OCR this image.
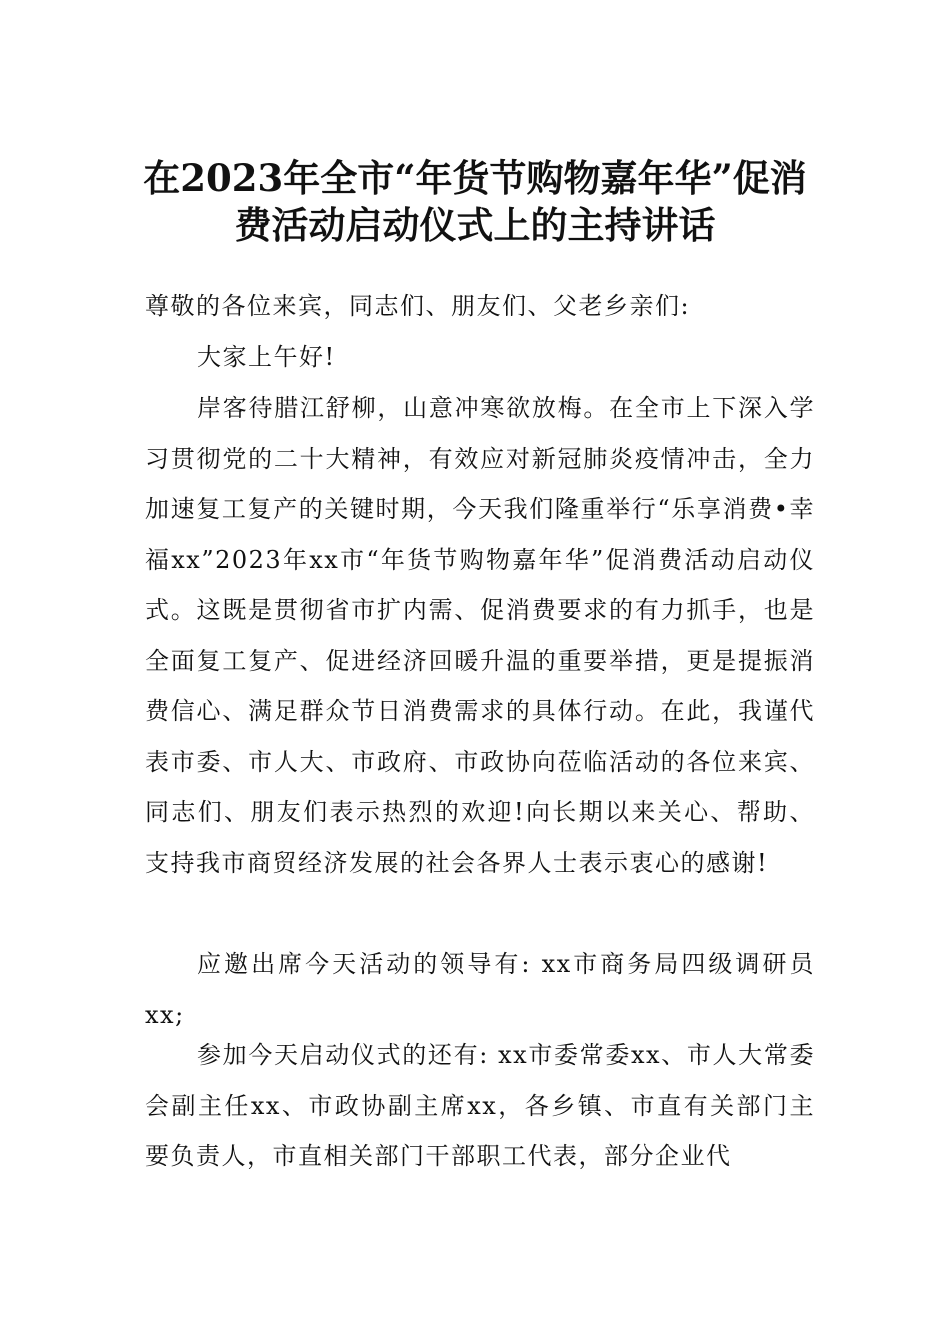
在2023年全市“年货节购物嘉年华”促消
费活动启动仪式上的主持讲话

尊敬的各位来宾，同志们、朋友们、父老乡亲们:

大家上午好!

岸客待腊江舒柳，山意冲寒欲放梅。在全市上下深入学习贯彻党的二十大精神，有效应对新冠肺炎疫情冲击，全力加速复工复产的关键时期，今天我们隆重举行“乐享消费•幸福xx”2023年xx市“年货节购物嘉年华”促消费活动启动仪式。这既是贯彻省市扩内需、促消费要求的有力抓手，也是全面复工复产、促进经济回暖升温的重要举措，更是提振消费信心、满足群众节日消费需求的具体行动。在此，我谨代表市委、市人大、市政府、市政协向莅临活动的各位来宾、同志们、朋友们表示热烈的欢迎!向长期以来关心、帮助、支持我市商贸经济发展的社会各界人士表示衷心的感谢!

应邀出席今天活动的领导有: xx市商务局四级调研员xx;

参加今天启动仪式的还有: xx市委常委xx、市人大常委会副主任xx、市政协副主席xx，各乡镇、市直有关部门主要负责人，市直相关部门干部职工代表，部分企业代
